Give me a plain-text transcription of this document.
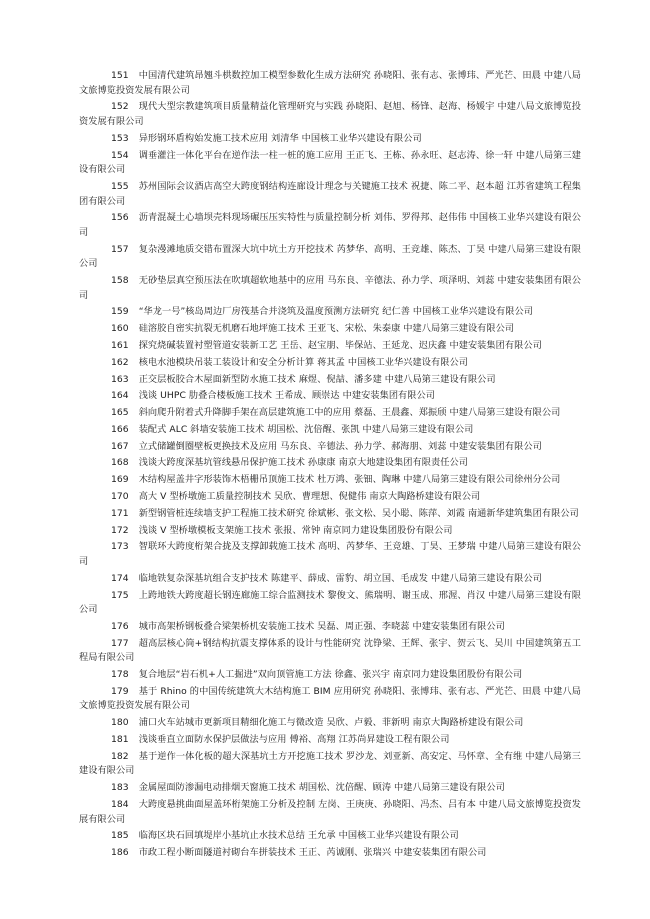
151 中国清代建筑昂翘斗栱数控加工模型参数化生成方法研究 孙晓阳、张有志、张博玮、严光芒、田晨 中建八局文旅博览投资发展有限公司
152 现代大型宗教建筑项目质量精益化管理研究与实践 孙晓阳、赵旭、杨锋、赵海、杨媛宇 中建八局文旅博览投资发展有限公司
153 异形钢环盾构始发施工技术应用 刘清华 中国核工业华兴建设有限公司
154 调垂灌注一体化平台在逆作法一柱一桩的施工应用 王正飞、王栋、孙永旺、赵志涛、徐一轩 中建八局第三建设有限公司
155 苏州国际会议酒店高空大跨度钢结构连廊设计理念与关键施工技术 祝捷、陈二平、赵本超 江苏省建筑工程集团有限公司
156 沥青混凝土心墙坝壳料现场碾压压实特性与质量控制分析 刘伟、罗得邦、赵伟伟 中国核工业华兴建设有限公司
157 复杂漫滩地质交错布置深大坑中坑土方开挖技术 芮梦华、高明、王竞雄、陈杰、丁昊 中建八局第三建设有限公司
158 无砂垫层真空预压法在吹填超软地基中的应用 马东良、辛德法、孙力学、项泽明、刘蕊 中建安装集团有限公司
159 “华龙一号”核岛周边厂房筏基合并浇筑及温度预测方法研究 纪仁善 中国核工业华兴建设有限公司
160 硅溶胶自密实抗裂无机磨石地坪施工技术 王亚飞、宋松、朱泰康 中建八局第三建设有限公司
161 探究烧碱装置衬塑管道安装新工艺 王岳、赵宝朋、毕保站、王延龙、迟庆鑫 中建安装集团有限公司
162 核电水池模块吊装工装设计和安全分析计算 蒋其孟 中国核工业华兴建设有限公司
163 正交层板胶合木屋面新型防水施工技术 麻煜、倪喆、潘多建 中建八局第三建设有限公司
164 浅谈 UHPC 肋叠合楼板施工技术 王希成、顾崇达 中建安装集团有限公司
165 斜向爬升附着式升降脚手架在高层建筑施工中的应用 蔡磊、王晨鑫、郑振颀 中建八局第三建设有限公司
166 装配式 ALC 斜墙安装施工技术 胡国松、沈倍醒、张凯 中建八局第三建设有限公司
167 立式储罐倒圈壁板更换技术及应用 马东良、辛德法、孙力学、郝海朋、刘蕊 中建安装集团有限公司
168 浅谈大跨度深基坑管线悬吊保护施工技术 孙康康 南京大地建设集团有限责任公司
169 木结构屋盖井字形装饰木梧栅吊顶施工技术 杜万鸿、张钿、陶琳 中建八局第三建设有限公司徐州分公司
170 高大 V 型桥墩施工质量控制技术 吴欣、曹理想、倪健伟 南京大陶路桥建设有限公司
171 新型钢管桩连续墙支护工程施工技术研究 徐斌彬、张文松、吴小聪、陈萍、刘霞 南通新华建筑集团有限公司
172 浅谈 V 型桥墩模板支架施工技术 张报、常钟 南京同力建设集团股份有限公司
173 智联环大跨度桁架合拢及支撑卸载施工技术 高明、芮梦华、王竞雄、丁昊、王梦瑞 中建八局第三建设有限公司
174 临地铁复杂深基坑组合支护技术 陈建平、薛成、雷豹、胡立国、毛成发 中建八局第三建设有限公司
175 上跨地铁大跨度超长钢连廊施工综合监测技术 黎俊文、熊瑞明、谢玉成、邢渥、肖汉 中建八局第三建设有限公司
176 城市高架桥钢板叠合梁架桥机安装施工技术 吴磊、周正强、李晓蕊 中建安装集团有限公司
177 超高层核心筒+钢结构抗震支撑体系的设计与性能研究 沈铮梁、王辉、张宇、贺云飞、吴川 中国建筑第五工程局有限公司
178 复合地层“岩石机+人工掘进”双向顶管施工方法 徐鑫、张兴宇 南京同力建设集团股份有限公司
179 基于 Rhino 的中国传统建筑大木结构施工 BIM 应用研究 孙晓阳、张博玮、张有志、严光芒、田晨 中建八局文旅博览投资发展有限公司
180 浦口火车站城市更新项目精细化施工与微改造 吴欣、卢毅、菲新明 南京大陶路桥建设有限公司
181 浅谈垂直立面防水保护层做法与应用 傅裕、高翔 江苏尚昇建设工程有限公司
182 基于逆作一体化板的超大深基坑土方开挖施工技术 罗沙龙、刘亚新、高安定、马怀章、全有维 中建八局第三建设有限公司
183 金属屋面防渗漏电动排烟天窗施工技术 胡国松、沈倍醒、顾涛 中建八局第三建设有限公司
184 大跨度悬挑曲面屋盖环桁架施工分析及控制 左岗、王庚庚、孙晓阳、冯杰、吕有本 中建八局文旅博览投资发展有限公司
185 临海区块石回填堤岸小基坑止水技术总结 王允承 中国核工业华兴建设有限公司
186 市政工程小断面隧道衬砌台车拼装技术 王正、芮诚刚、张瑞兴 中建安装集团有限公司
